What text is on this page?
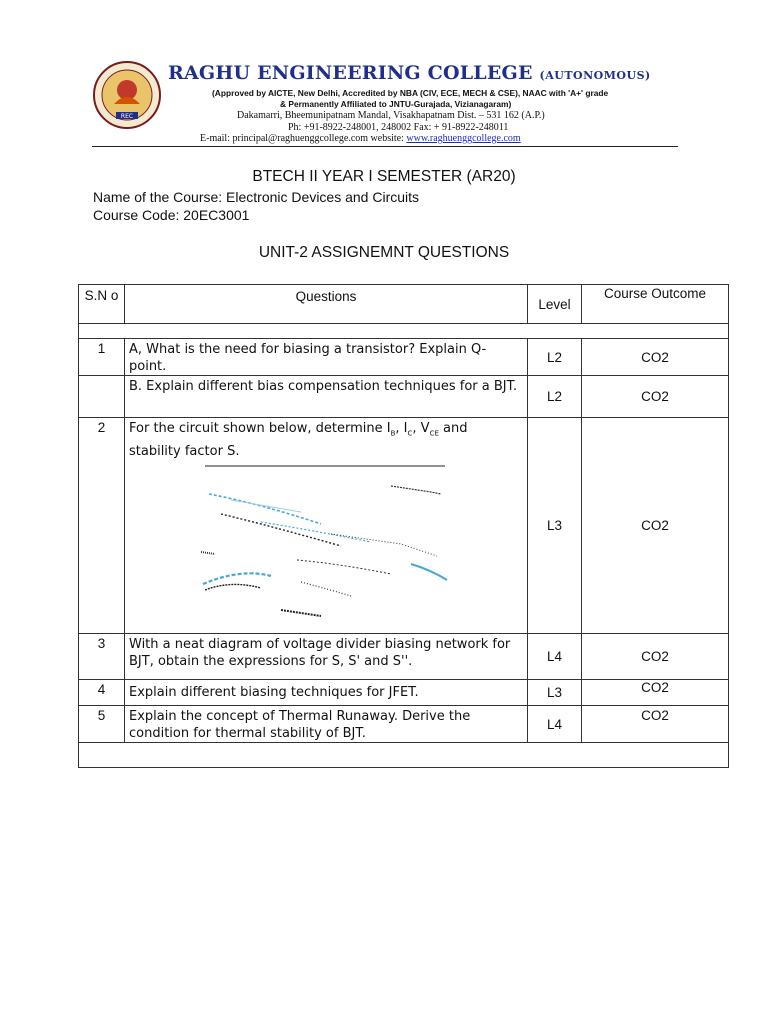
REC
RAGHU ENGINEERING COLLEGE (AUTONOMOUS)
(Approved by AICTE, New Delhi, Accredited by NBA (CIV, ECE, MECH & CSE), NAAC with 'A+' grade
& Permanently Affiliated to JNTU-Gurajada, Vizianagaram)
Dakamarri, Bheemunipatnam Mandal, Visakhapatnam Dist. – 531 162 (A.P.)
Ph: +91-8922-248001, 248002 Fax: + 91-8922-248011
E-mail: principal@raghuenggcollege.com website: www.raghuenggcollege.com
BTECH II YEAR I SEMESTER (AR20)
Name of the Course: Electronic Devices and Circuits
Course Code: 20EC3001
UNIT-2 ASSIGNEMNT QUESTIONS
S.N o	Questions	Level	Course Outcome

1	A, What is the need for biasing a transistor? Explain Q-point.	L2	CO2
	B. Explain different bias compensation techniques for a BJT.	L2	CO2
2	For the circuit shown below, determine $I_B$, $I_C$, $V_{CE}$ and stability factor S.	L3	CO2
3	With a neat diagram of voltage divider biasing network for BJT, obtain the expressions for S, S' and S''.	L4	CO2
4	Explain different biasing techniques for JFET.	L3	CO2
5	Explain the concept of Thermal Runaway. Derive the condition for thermal stability of BJT.	L4	CO2
